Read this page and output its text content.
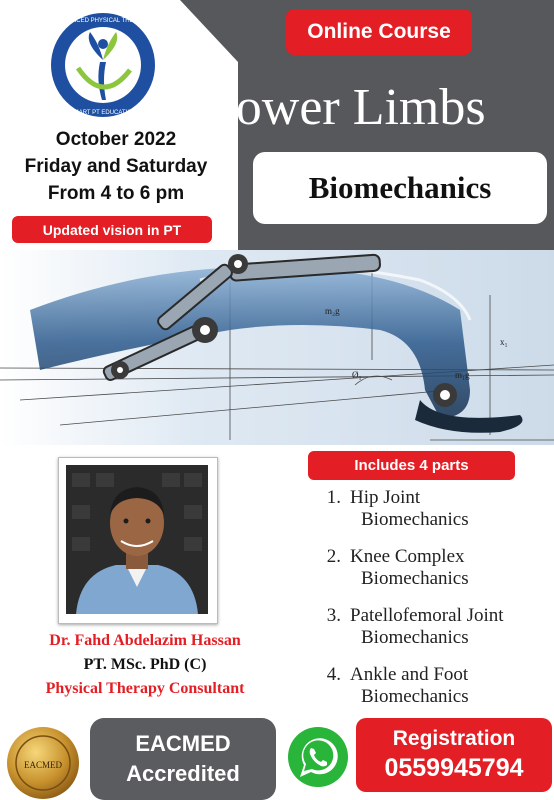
ADVANCED PHYSICAL THERAPY
SMART PT EDUCATION
October 2022
Friday and Saturday
From 4 to 6 pm
Updated vision in PT
Online Course
Lower Limbs
Biomechanics
m₂g
m₁g
Ø₁
x₁
Dr. Fahd Abdelazim Hassan
PT. MSc. PhD (C)
Physical Therapy Consultant
Includes 4 parts
1. Hip Joint
Biomechanics
2. Knee Complex
Biomechanics
3. Patellofemoral Joint
Biomechanics
4. Ankle and Foot
Biomechanics
EACMED
EACMED
Accredited
Registration
0559945794
